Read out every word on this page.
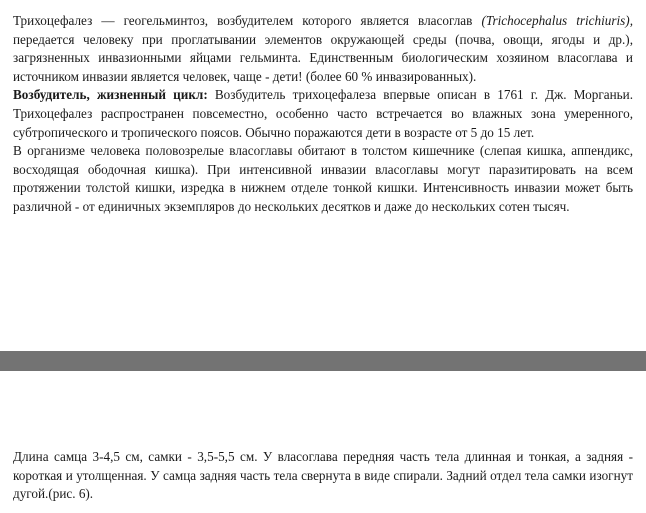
Трихоцефалез — геогельминтоз, возбудителем которого является власоглав (Trichocephalus trichiuris), передается человеку при проглатывании элементов окружающей среды (почва, овощи, ягоды и др.), загрязненных инвазионными яйцами гельминта. Единственным биологическим хозяином власоглава и источником инвазии является человек, чаще - дети! (более 60 % инвазированных).

Возбудитель, жизненный цикл: Возбудитель трихоцефалеза впервые описан в 1761 г. Дж. Морганьи. Трихоцефалез распространен повсеместно, особенно часто встречается во влажных зона умеренного, субтропического и тропического поясов. Обычно поражаются дети в возрасте от 5 до 15 лет.

В организме человека половозрелые власоглавы обитают в толстом кишечнике (слепая кишка, аппендикс, восходящая ободочная кишка). При интенсивной инвазии власоглавы могут паразитировать на всем протяжении толстой кишки, изредка в нижнем отделе тонкой кишки. Интенсивность инвазии может быть различной - от единичных экземпляров до нескольких десятков и даже до нескольких сотен тысяч.

Длина самца 3-4,5 см, самки - 3,5-5,5 см. У власоглава передняя часть тела длинная и тонкая, а задняя - короткая и утолщенная. У самца задняя часть тела свернута в виде спирали. Задний отдел тела самки изогнут дугой.(рис. 6).
